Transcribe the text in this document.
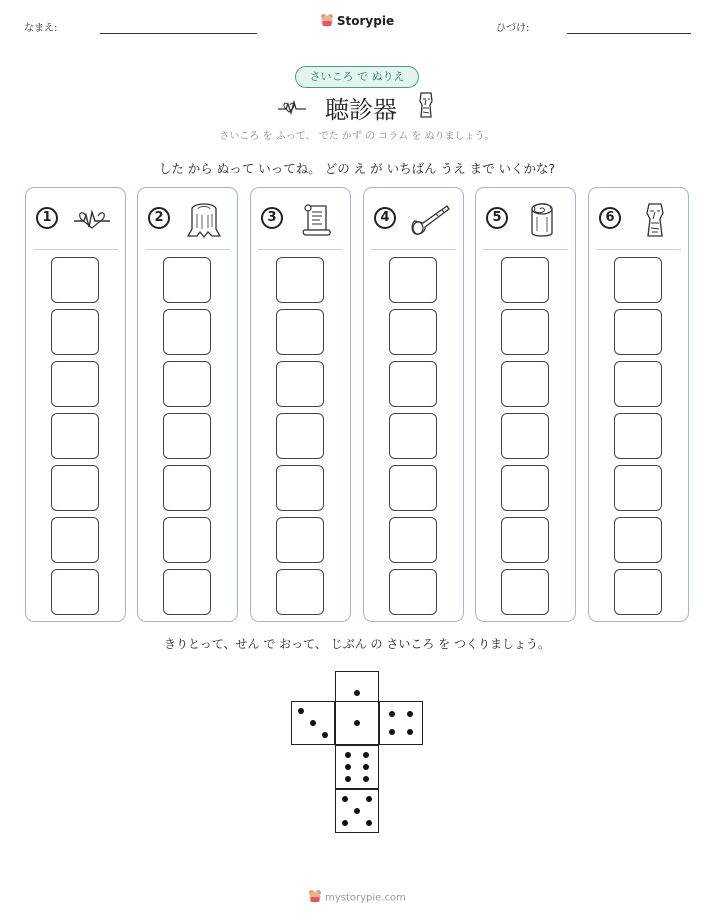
なまえ:
Storypie
ひづけ:
さいころ で ぬりえ
聴診器
さいころ を ふって、 でた かず の コラム を ぬりましょう。
した から ぬって いってね。 どの え が いちばん うえ まで いくかな?
1	2	3	4	5	6
きりとって、せん で おって、 じぶん の さいころ を つくりましょう。
mystorypie.com
